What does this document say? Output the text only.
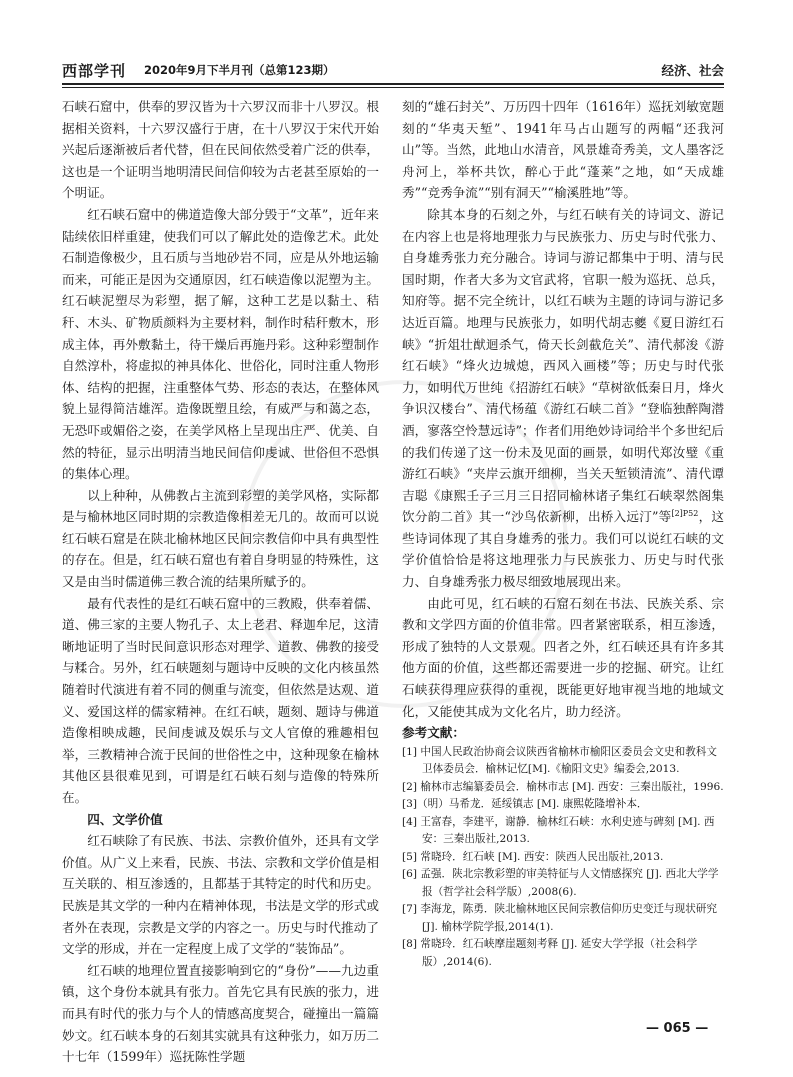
西部学刊 2020年9月下半月刊（总第123期）	经济、社会

石峡石窟中，供奉的罗汉皆为十六罗汉而非十八罗汉。根据相关资料，十六罗汉盛行于唐，在十八罗汉于宋代开始兴起后逐渐被后者代替，但在民间依然受着广泛的供奉，这也是一个证明当地明清民间信仰较为古老甚至原始的一个明证。

红石峡石窟中的佛道造像大部分毁于“文革”，近年来陆续依旧样重建，使我们可以了解此处的造像艺术。此处石制造像极少，且石质与当地砂岩不同，应是从外地运输而来，可能正是因为交通原因，红石峡造像以泥塑为主。红石峡泥塑尽为彩塑，据了解，这种工艺是以黏土、秸秆、木头、矿物质颜料为主要材料，制作时秸秆敷木，形成主体，再外敷黏土，待干燥后再施丹彩。这种彩塑制作自然淳朴，将虚拟的神具体化、世俗化，同时注重人物形体、结构的把握，注重整体气势、形态的表达，在整体风貌上显得简洁雄浑。造像既塑且绘，有威严与和蔼之态，无恐吓或媚俗之姿，在美学风格上呈现出庄严、优美、自然的特征，显示出明清当地民间信仰虔诚、世俗但不恐惧的集体心理。

以上种种，从佛教占主流到彩塑的美学风格，实际都是与榆林地区同时期的宗教造像相差无几的。故而可以说红石峡石窟是在陕北榆林地区民间宗教信仰中具有典型性的存在。但是，红石峡石窟也有着自身明显的特殊性，这又是由当时儒道佛三教合流的结果所赋予的。

最有代表性的是红石峡石窟中的三教殿，供奉着儒、道、佛三家的主要人物孔子、太上老君、释迦牟尼，这清晰地证明了当时民间意识形态对理学、道教、佛教的接受与糅合。另外，红石峡题刻与题诗中反映的文化内核虽然随着时代演进有着不同的侧重与流变，但依然是达观、道义、爱国这样的儒家精神。在红石峡，题刻、题诗与佛道造像相映成趣，民间虔诚及娱乐与文人官僚的雅趣相包举，三教精神合流于民间的世俗性之中，这种现象在榆林其他区县很难见到，可谓是红石峡石刻与造像的特殊所在。

四、文学价值

红石峡除了有民族、书法、宗教价值外，还具有文学价值。从广义上来看，民族、书法、宗教和文学价值是相互关联的、相互渗透的，且都基于其特定的时代和历史。民族是其文学的一种内在精神体现，书法是文学的形式或者外在表现，宗教是文学的内容之一。历史与时代推动了文学的形成，并在一定程度上成了文学的“装饰品”。

红石峡的地理位置直接影响到它的“身份”——九边重镇，这个身份本就具有张力。首先它具有民族的张力，进而具有时代的张力与个人的情感高度契合，碰撞出一篇篇妙文。红石峡本身的石刻其实就具有这种张力，如万历二十七年（1599年）巡抚陈性学题

刻的“雄石封关”、万历四十四年（1616年）巡抚刘敏宽题刻的“华夷天堑”、1941年马占山题写的两幅“还我河山”等。当然，此地山水清音，风景雄奇秀美，文人墨客泛舟河上，举杯共饮，醉心于此“蓬莱”之地，如“天成雄秀”“竞秀争流”“别有洞天”“榆溪胜地”等。

除其本身的石刻之外，与红石峡有关的诗词文、游记在内容上也是将地理张力与民族张力、历史与时代张力、自身雄秀张力充分融合。诗词与游记都集中于明、清与民国时期，作者大多为文官武将，官职一般为巡抚、总兵，知府等。据不完全统计，以红石峡为主题的诗词与游记多达近百篇。地理与民族张力，如明代胡志夔《夏日游红石峡》“折俎壮猷迴杀气，倚天长剑截危关”、清代郝浚《游红石峡》“烽火边城熄，西风入画楼”等；历史与时代张力，如明代万世纯《招游红石峡》“草树欲低秦日月，烽火争识汉楼台”、清代杨蕴《游红石峡二首》“登临独醉陶潜酒，寥落空怜慧远诗”；作者们用绝妙诗词给半个多世纪后的我们传递了这一份未及见面的画景，如明代郑汝璧《重游红石峡》“夹岸云旗开细柳，当关天堑锁清流”、清代谭吉聪《康熙壬子三月三日招同榆林诸子集红石峡翠然阁集饮分韵二首》其一“沙鸟依新柳，出桥入远汀”等$^{[2]P52}$，这些诗词体现了其自身雄秀的张力。我们可以说红石峡的文学价值恰恰是将这地理张力与民族张力、历史与时代张力、自身雄秀张力极尽细致地展现出来。

由此可见，红石峡的石窟石刻在书法、民族关系、宗教和文学四方面的价值非常。四者紧密联系，相互渗透，形成了独特的人文景观。四者之外，红石峡还具有许多其他方面的价值，这些都还需要进一步的挖掘、研究。让红石峡获得理应获得的重视，既能更好地审视当地的地域文化，又能使其成为文化名片，助力经济。

参考文献：

[1] 中国人民政治协商会议陕西省榆林市榆阳区委员会文史和教科文卫体委员会．榆林记忆[M].《榆阳文史》编委会,2013.

[2] 榆林市志编纂委员会．榆林市志 [M]. 西安：三秦出版社，1996.

[3]（明）马希龙．延绥镇志 [M]. 康熙乾隆增补本．

[4] 王富春，李建平，谢静．榆林红石峡：水利史迹与碑刻 [M]. 西安：三秦出版社,2013.

[5] 常晓玲．红石峡 [M]. 西安：陕西人民出版社,2013.

[6] 孟强．陕北宗教彩塑的审美特征与人文情感探究 [J]. 西北大学学报（哲学社会科学版）,2008(6).

[7] 李海龙，陈勇．陕北榆林地区民间宗教信仰历史变迁与现状研究 [J]. 榆林学院学报,2014(1).

[8] 常晓玲．红石峡摩崖题刻考释 [J]. 延安大学学报（社会科学版）,2014(6).

— 065 —
